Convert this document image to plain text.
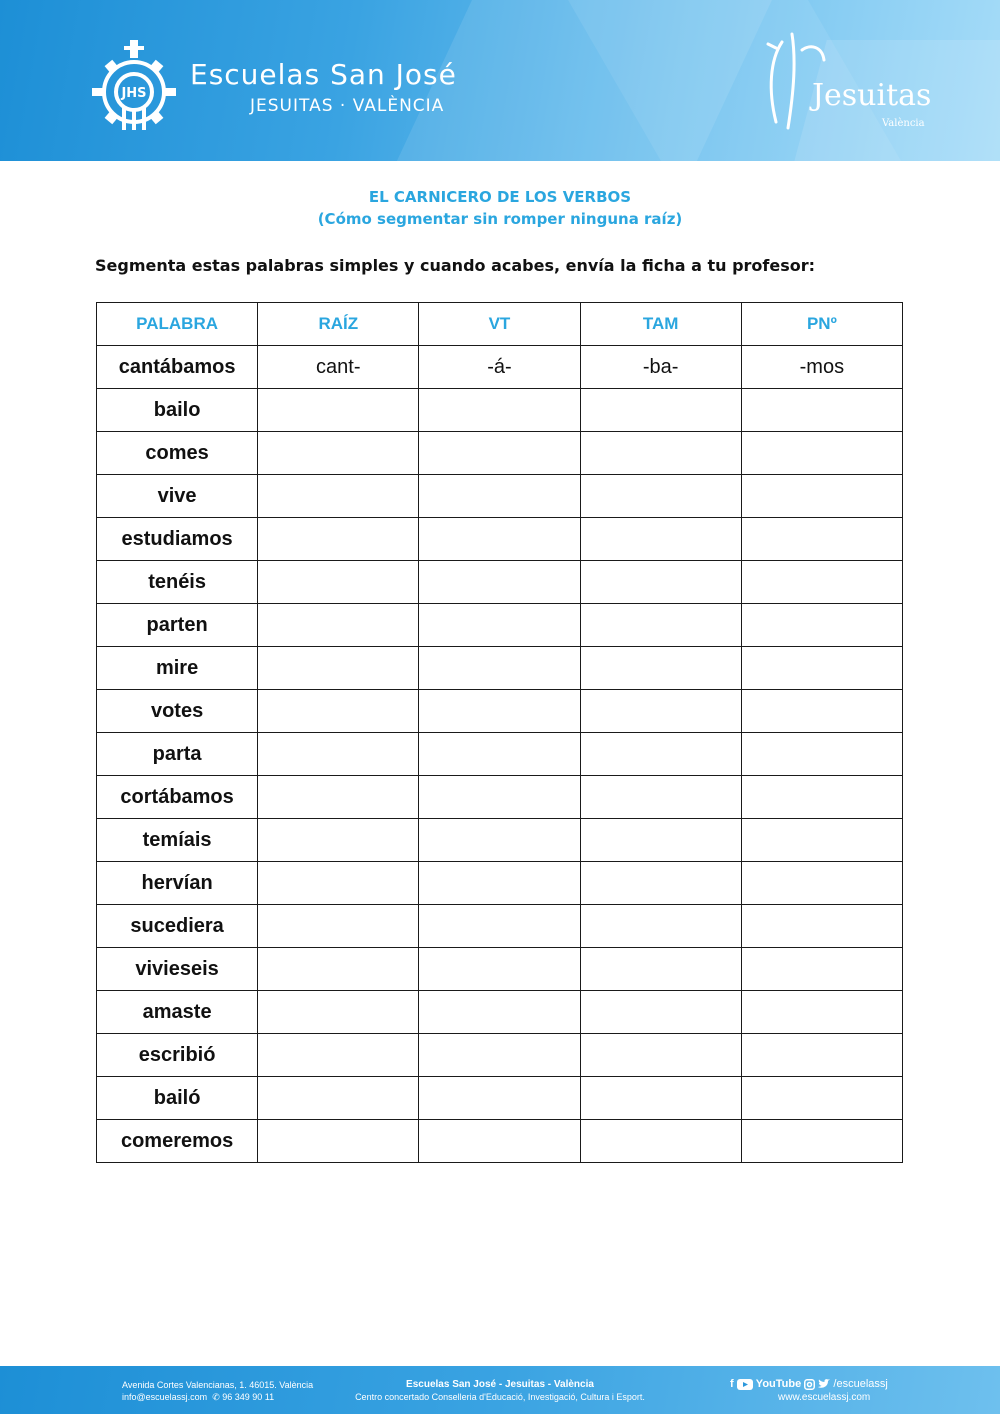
JHS
Escuelas San José
JESUITAS · VALÈNCIA	Jesuitas
València
EL CARNICERO DE LOS VERBOS
(Cómo segmentar sin romper ninguna raíz)
Segmenta estas palabras simples y cuando acabes, envía la ficha a tu profesor:
PALABRA	RAÍZ	VT	TAM	PNº
cantábamos	cant-	-á-	-ba-	-mos
bailo				
comes				
vive				
estudiamos				
tenéis				
parten				
mire				
votes				
parta				
cortábamos				
temíais				
hervían				
sucediera				
vivieseis				
amaste				
escribió				
bailó				
comeremos				
Avenida Cortes Valencianas, 1. 46015. València
info@escuelassj.com  ✆ 96 349 90 11
Escuelas San José - Jesuitas - València
Centro concertado Conselleria d'Educació, Investigació, Cultura i Esport.
f YouTube	/escuelassj
www.escuelassj.com
